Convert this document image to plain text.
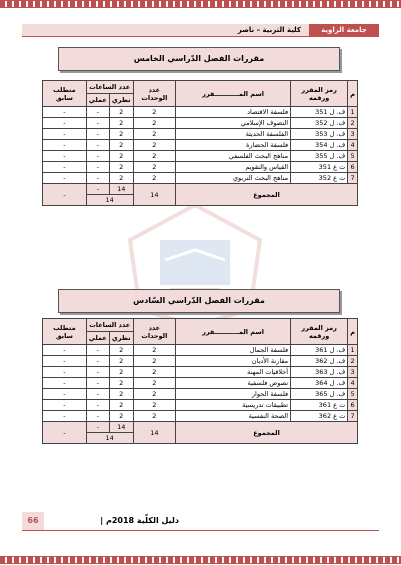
جامعة الزاوية
كلية التربية – ناصر
مقررات الفصل الدّراسي الخامس
م	رمز المقرر ورقمه	اسم المـــــــــــقرر	عدد الوحدات	عدد الساعات		متطلب سابق
				نظري	عملي	
1	ف. ل 351	فلسفة الاقتصاد	2	2	-	-
2	ف. ل 352	التصوف الإسلامي	2	2	-	-
3	ف. ل 353	الفلسفة الحديثة	2	2	-	-
4	ف. ل 354	فلسفة الحضارة	2	2	-	-
5	ف. ل 355	مناهج البحث الفلسفي	2	2	-	-
6	ت ع 351	القياس والتقويم	2	2	-	-
7	ت ع 352	مناهج البحث التربوي	2	2	-	-
المجموع			14	14	-	-
				14		
مقررات الفصل الدّراسي السّادس
م	رمز المقرر ورقمه	اسم المـــــــــــقرر	عدد الوحدات	عدد الساعات		متطلب سابق
				نظري	عملي	
1	ف. ل 361	فلسفة الجمال	2	2	-	-
2	ف. ل 362	مقارنة الأديان	2	2	-	-
3	ف. ل 363	أخلاقيات المهنة	2	2	-	-
4	ف. ل 364	نصوص فلسفية	2	2	-	-
5	ف. ل 365	فلسفة الحوار	2	2	-	-
6	ت ع 361	تطبيقات تدريسية	2	2	-	-
7	ت ع 362	الصحة النفسية	2	2	-	-
المجموع			14	14	-	-
				14		
دليل الكلّية 2018م |
66
